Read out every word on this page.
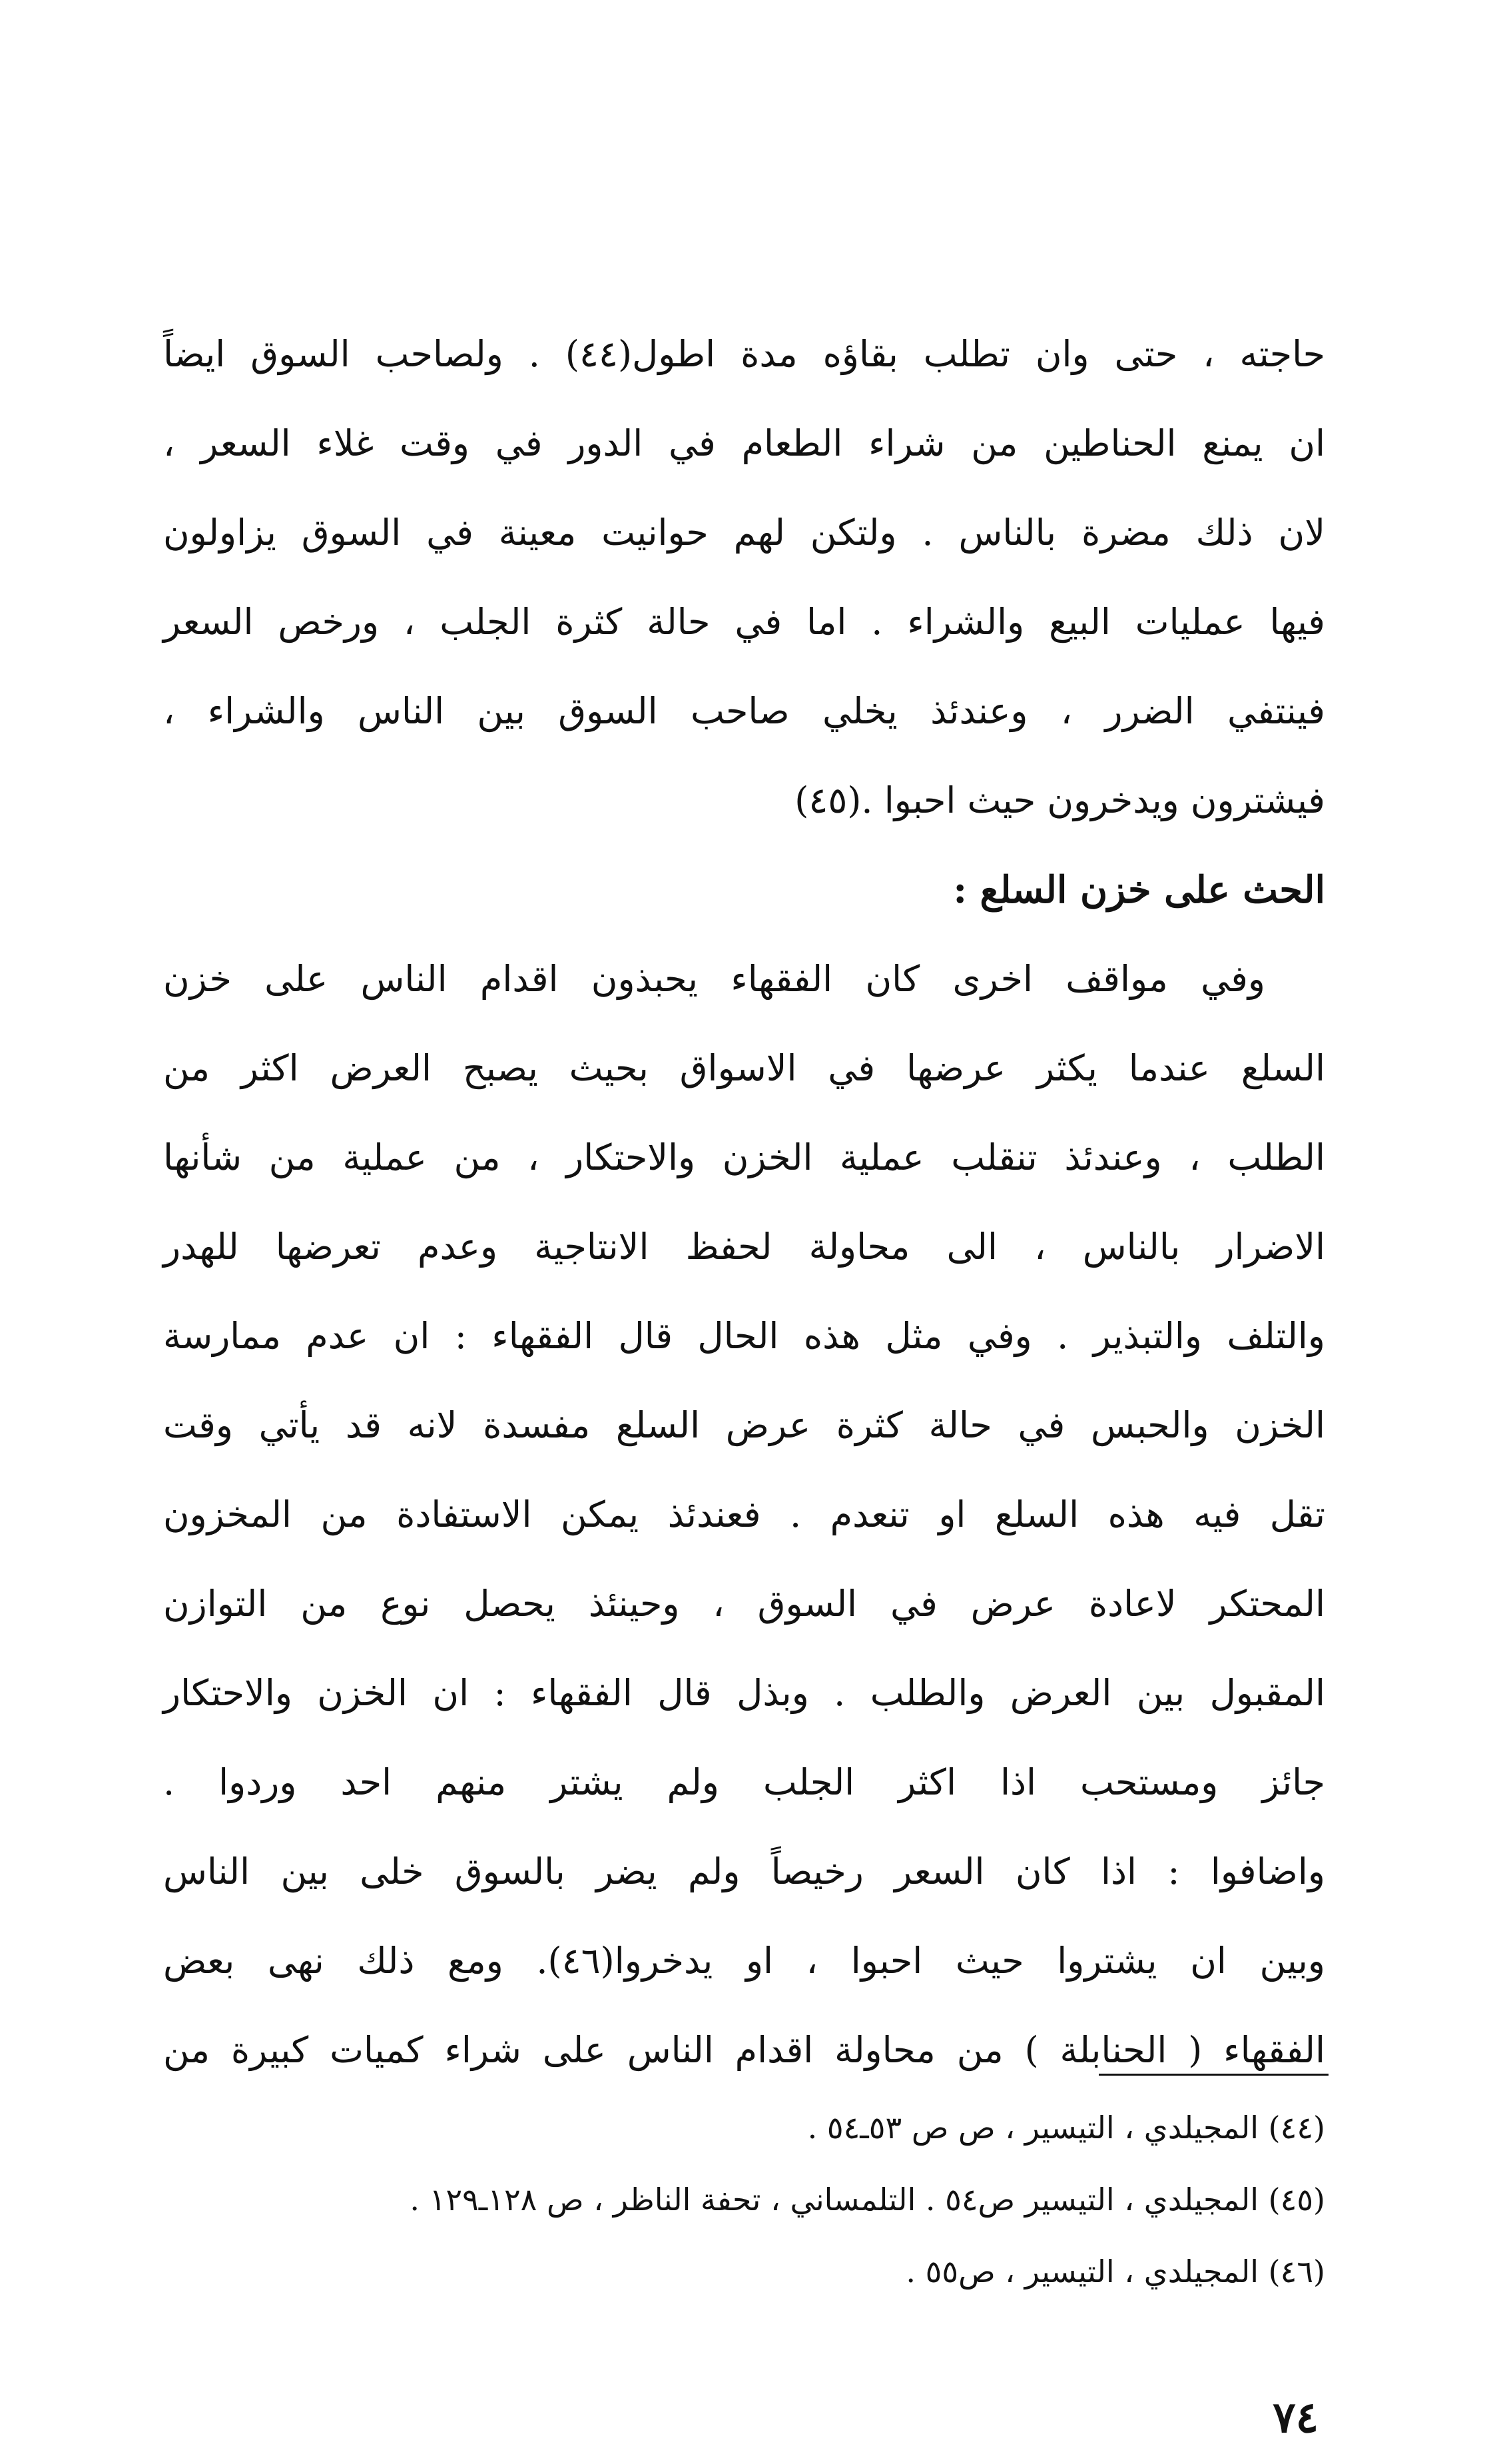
حاجته ، حتى وان تطلب بقاؤه مدة اطول(٤٤) . ولصاحب السوق ايضاً
ان يمنع الحناطين من شراء الطعام في الدور في وقت غلاء السعر ،
لان ذلك مضرة بالناس . ولتكن لهم حوانيت معينة في السوق يزاولون
فيها عمليات البيع والشراء . اما في حالة كثرة الجلب ، ورخص السعر
فينتفي الضرر ، وعندئذ يخلي صاحب السوق بين الناس والشراء ،
فيشترون ويدخرون حيث احبوا .(٤٥)
الحث على خزن السلع :
وفي مواقف اخرى كان الفقهاء يحبذون اقدام الناس على خزن
السلع عندما يكثر عرضها في الاسواق بحيث يصبح العرض اكثر من
الطلب ، وعندئذ تنقلب عملية الخزن والاحتكار ، من عملية من شأنها
الاضرار بالناس ، الى محاولة لحفظ الانتاجية وعدم تعرضها للهدر
والتلف والتبذير . وفي مثل هذه الحال قال الفقهاء : ان عدم ممارسة
الخزن والحبس في حالة كثرة عرض السلع مفسدة لانه قد يأتي وقت
تقل فيه هذه السلع او تنعدم . فعندئذ يمكن الاستفادة من المخزون
المحتكر لاعادة عرض في السوق ، وحينئذ يحصل نوع من التوازن
المقبول بين العرض والطلب . وبذل قال الفقهاء : ان الخزن والاحتكار
جائز ومستحب اذا اكثر الجلب ولم يشتر منهم احد وردوا .
واضافوا : اذا كان السعر رخيصاً ولم يضر بالسوق خلى بين الناس
وبين ان يشتروا حيث احبوا ، او يدخروا(٤٦). ومع ذلك نهى بعض
الفقهاء ( الحنابلة ) من محاولة اقدام الناس على شراء كميات كبيرة من
(٤٤) المجيلدي ، التيسير ، ص ص ٥٣ـ٥٤ .
(٤٥) المجيلدي ، التيسير ص٥٤ . التلمساني ، تحفة الناظر ، ص ١٢٨ـ١٢٩ .
(٤٦) المجيلدي ، التيسير ، ص٥٥ .
٧٤
